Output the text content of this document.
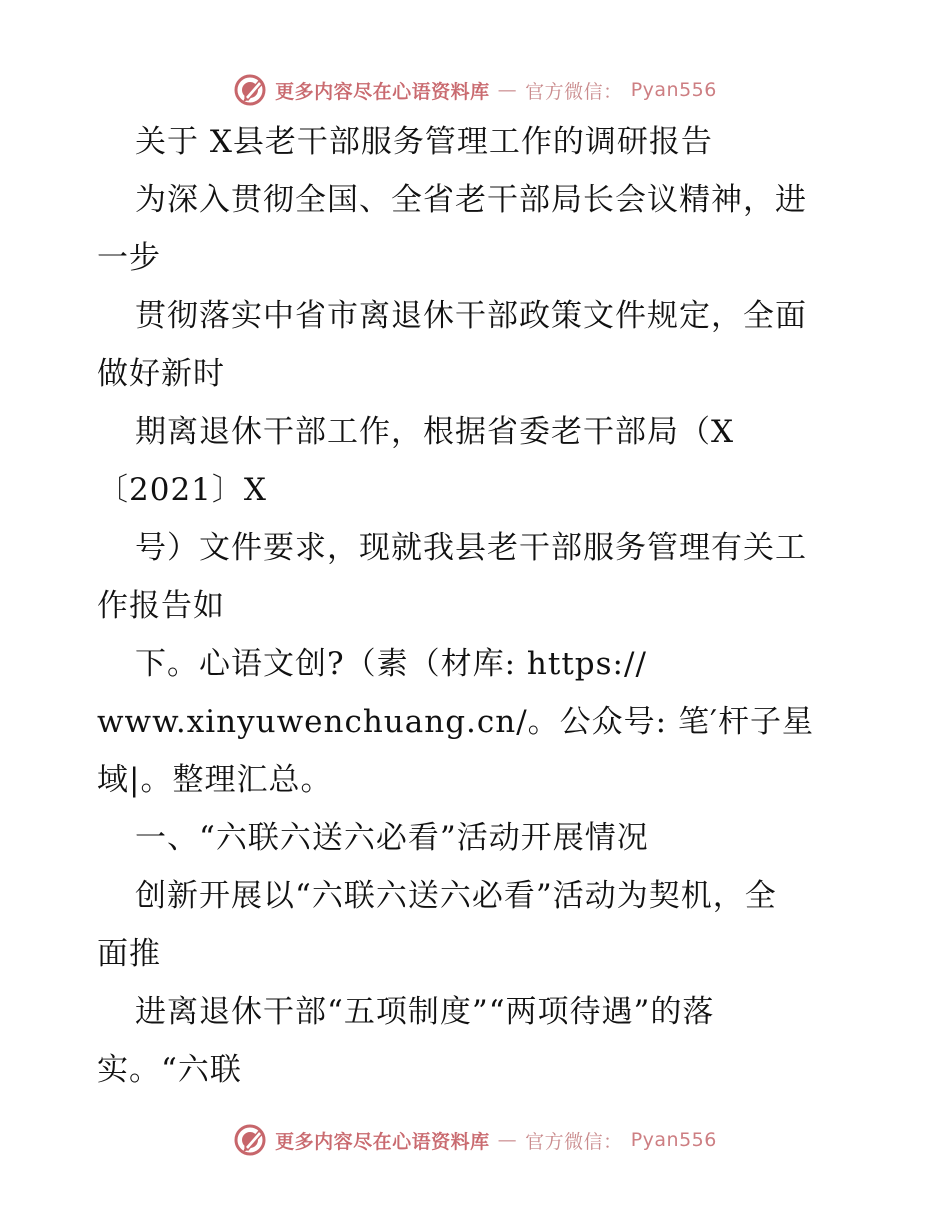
更多内容尽在心语资料库 — 官方微信： Pyan556
关于 X县老干部服务管理工作的调研报告
为深入贯彻全国、全省老干部局长会议精神，进
一步
贯彻落实中省市离退休干部政策文件规定，全面
做好新时
期离退休干部工作，根据省委老干部局（X
〔2021〕X
号）文件要求，现就我县老干部服务管理有关工
作报告如
下。心语文创?（素（材库: https://
www.xinyuwenchuang.cn/。公众号: 笔′杆子星
域|。整理汇总。
一、“六联六送六必看”活动开展情况
创新开展以“六联六送六必看”活动为契机，全
面推
进离退休干部“五项制度”“两项待遇”的落
实。“六联
更多内容尽在心语资料库 — 官方微信： Pyan556
